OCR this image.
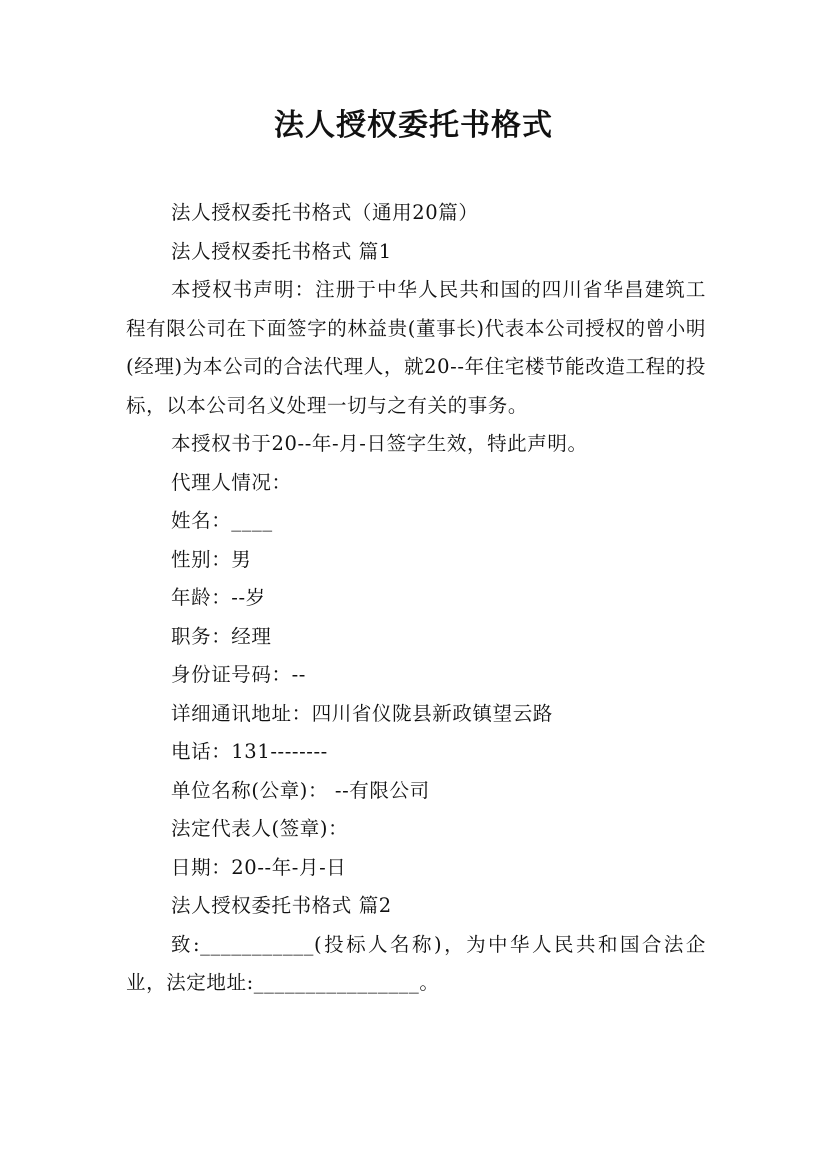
法人授权委托书格式

法人授权委托书格式（通用20篇）

法人授权委托书格式 篇1

本授权书声明：注册于中华人民共和国的四川省华昌建筑工程有限公司在下面签字的林益贵(董事长)代表本公司授权的曾小明(经理)为本公司的合法代理人，就20--年住宅楼节能改造工程的投标，以本公司名义处理一切与之有关的事务。

本授权书于20--年-月-日签字生效，特此声明。

代理人情况：

姓名：____

性别：男

年龄：--岁

职务：经理

身份证号码：--

详细通讯地址：四川省仪陇县新政镇望云路

电话：131--------

单位名称(公章)： --有限公司

法定代表人(签章)：

日期：20--年-月-日

法人授权委托书格式 篇2

致:___________(投标人名称)，为中华人民共和国合法企业，法定地址:________________。
